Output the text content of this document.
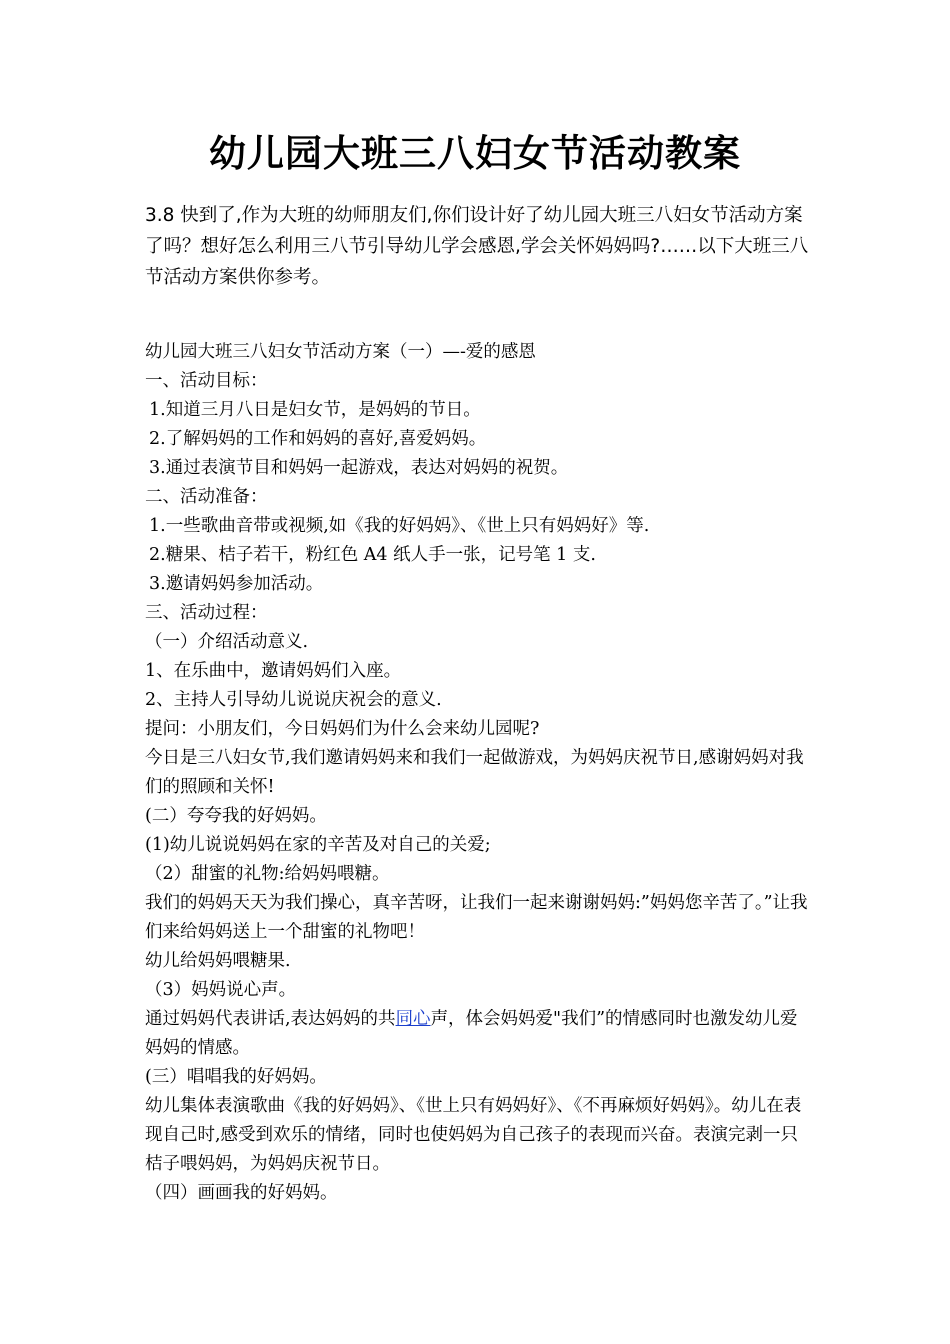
幼儿园大班三八妇女节活动教案

3.8 快到了,作为大班的幼师朋友们,你们设计好了幼儿园大班三八妇女节活动方案了吗？想好怎么利用三八节引导幼儿学会感恩,学会关怀妈妈吗?……以下大班三八节活动方案供你参考。

幼儿园大班三八妇女节活动方案（一）—-爱的感恩

一、活动目标：

1.知道三月八日是妇女节，是妈妈的节日。

2.了解妈妈的工作和妈妈的喜好,喜爱妈妈。

3.通过表演节目和妈妈一起游戏，表达对妈妈的祝贺。

二、活动准备：

1.一些歌曲音带或视频,如《我的好妈妈》、《世上只有妈妈好》等.

2.糖果、桔子若干，粉红色 A4 纸人手一张，记号笔 1 支.

3.邀请妈妈参加活动。

三、活动过程：

（一）介绍活动意义.

1、在乐曲中，邀请妈妈们入座。

2、主持人引导幼儿说说庆祝会的意义.

提问：小朋友们，今日妈妈们为什么会来幼儿园呢?

今日是三八妇女节,我们邀请妈妈来和我们一起做游戏，为妈妈庆祝节日,感谢妈妈对我们的照顾和关怀!

(二）夸夸我的好妈妈。

(1)幼儿说说妈妈在家的辛苦及对自己的关爱;

（2）甜蜜的礼物:给妈妈喂糖。

我们的妈妈天天为我们操心，真辛苦呀，让我们一起来谢谢妈妈:”妈妈您辛苦了。”让我们来给妈妈送上一个甜蜜的礼物吧！

幼儿给妈妈喂糖果.

（3）妈妈说心声。

通过妈妈代表讲话,表达妈妈的共同心声，体会妈妈爱"我们”的情感同时也激发幼儿爱妈妈的情感。

(三）唱唱我的好妈妈。

幼儿集体表演歌曲《我的好妈妈》、《世上只有妈妈好》、《不再麻烦好妈妈》。幼儿在表现自己时,感受到欢乐的情绪，同时也使妈妈为自己孩子的表现而兴奋。表演完剥一只桔子喂妈妈，为妈妈庆祝节日。

（四）画画我的好妈妈。
